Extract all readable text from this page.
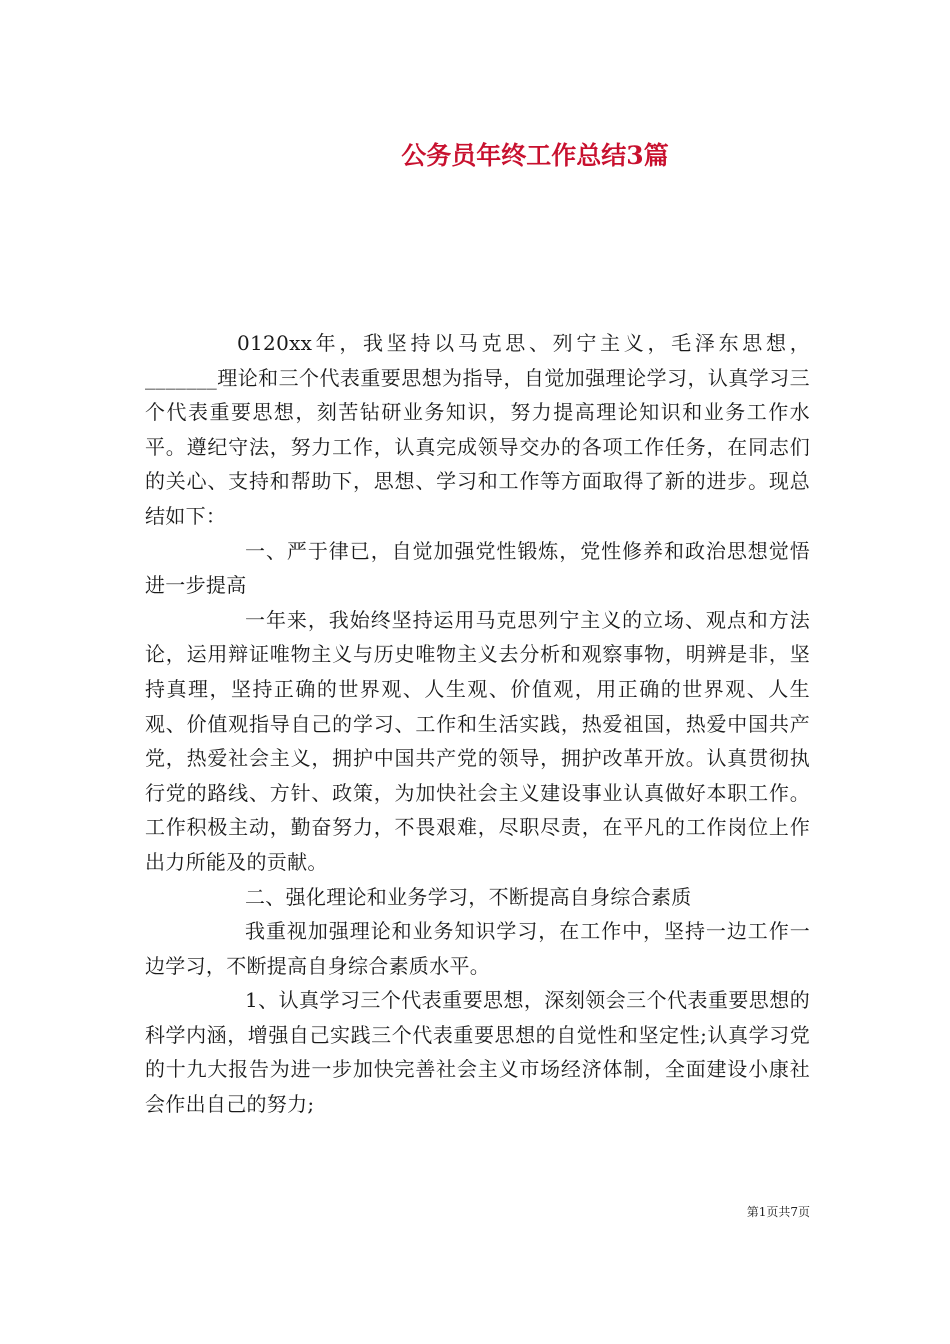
公务员年终工作总结3篇

0120xx年，我坚持以马克思、列宁主义，毛泽东思想，_______理论和三个代表重要思想为指导，自觉加强理论学习，认真学习三个代表重要思想，刻苦钻研业务知识，努力提高理论知识和业务工作水平。遵纪守法，努力工作，认真完成领导交办的各项工作任务，在同志们的关心、支持和帮助下，思想、学习和工作等方面取得了新的进步。现总结如下：

一、严于律已，自觉加强党性锻炼，党性修养和政治思想觉悟进一步提高

一年来，我始终坚持运用马克思列宁主义的立场、观点和方法论，运用辩证唯物主义与历史唯物主义去分析和观察事物，明辨是非，坚持真理，坚持正确的世界观、人生观、价值观，用正确的世界观、人生观、价值观指导自己的学习、工作和生活实践，热爱祖国，热爱中国共产党，热爱社会主义，拥护中国共产党的领导，拥护改革开放。认真贯彻执行党的路线、方针、政策，为加快社会主义建设事业认真做好本职工作。工作积极主动，勤奋努力，不畏艰难，尽职尽责，在平凡的工作岗位上作出力所能及的贡献。

二、强化理论和业务学习，不断提高自身综合素质

我重视加强理论和业务知识学习，在工作中，坚持一边工作一边学习，不断提高自身综合素质水平。

1、认真学习三个代表重要思想，深刻领会三个代表重要思想的科学内涵，增强自己实践三个代表重要思想的自觉性和坚定性;认真学习党的十九大报告为进一步加快完善社会主义市场经济体制，全面建设小康社会作出自己的努力;

第1页共7页
